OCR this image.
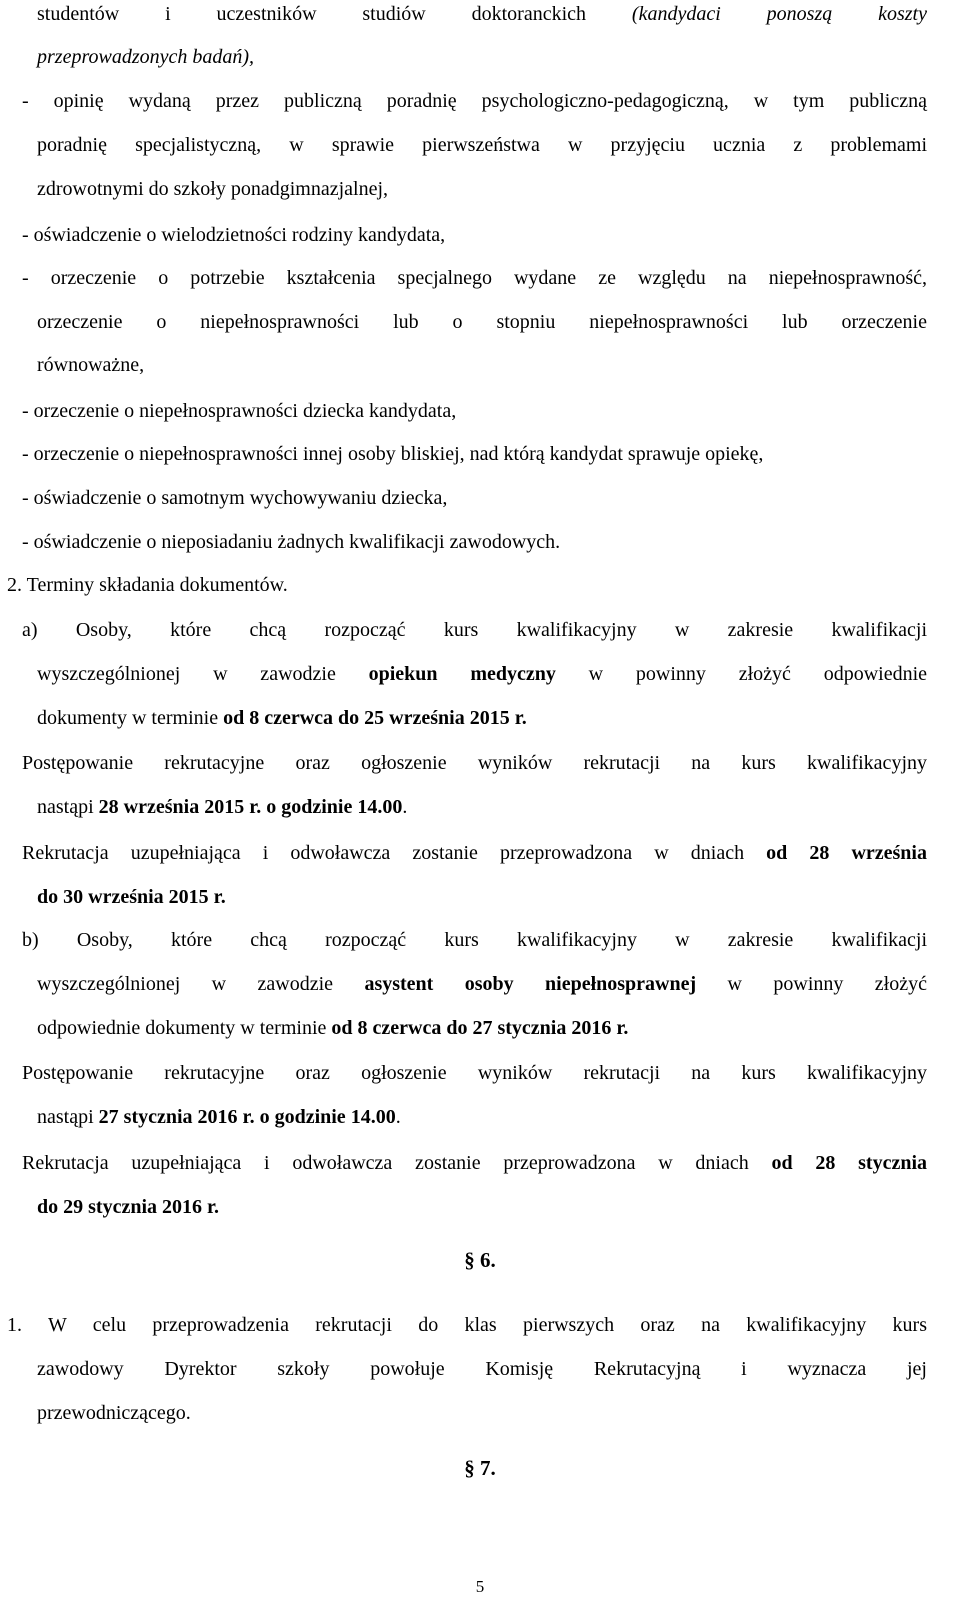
studentów i uczestników studiów doktoranckich (kandydaci ponoszą koszty
przeprowadzonych badań),
- opinię wydaną przez publiczną poradnię psychologiczno-pedagogiczną, w tym publiczną
poradnię specjalistyczną, w sprawie pierwszeństwa w przyjęciu ucznia z problemami
zdrowotnymi do szkoły ponadgimnazjalnej,
- oświadczenie o wielodzietności rodziny kandydata,
- orzeczenie o potrzebie kształcenia specjalnego wydane ze względu na niepełnosprawność,
orzeczenie o niepełnosprawności lub o stopniu niepełnosprawności lub orzeczenie
równoważne,
- orzeczenie o niepełnosprawności dziecka kandydata,
- orzeczenie o niepełnosprawności innej osoby bliskiej, nad którą kandydat sprawuje opiekę,
- oświadczenie o samotnym wychowywaniu dziecka,
- oświadczenie o nieposiadaniu żadnych kwalifikacji zawodowych.
2. Terminy składania dokumentów.
a) Osoby, które chcą rozpocząć kurs kwalifikacyjny w zakresie kwalifikacji
wyszczególnionej w zawodzie opiekun medyczny w powinny złożyć odpowiednie
dokumenty w terminie od 8 czerwca do 25 września 2015 r.
Postępowanie rekrutacyjne oraz ogłoszenie wyników rekrutacji na kurs kwalifikacyjny
nastąpi 28 września 2015 r. o godzinie 14.00.
Rekrutacja uzupełniająca i odwoławcza zostanie przeprowadzona w dniach od 28 września
do 30 września 2015 r.
b) Osoby, które chcą rozpocząć kurs kwalifikacyjny w zakresie kwalifikacji
wyszczególnionej w zawodzie asystent osoby niepełnosprawnej w powinny złożyć
odpowiednie dokumenty w terminie od 8 czerwca do 27 stycznia 2016 r.
Postępowanie rekrutacyjne oraz ogłoszenie wyników rekrutacji na kurs kwalifikacyjny
nastąpi 27 stycznia 2016 r. o godzinie 14.00.
Rekrutacja uzupełniająca i odwoławcza zostanie przeprowadzona w dniach od 28 stycznia
do 29 stycznia 2016 r.
§ 6.
1. W celu przeprowadzenia rekrutacji do klas pierwszych oraz na kwalifikacyjny kurs
zawodowy Dyrektor szkoły powołuje Komisję Rekrutacyjną i wyznacza jej
przewodniczącego.
§ 7.
5
